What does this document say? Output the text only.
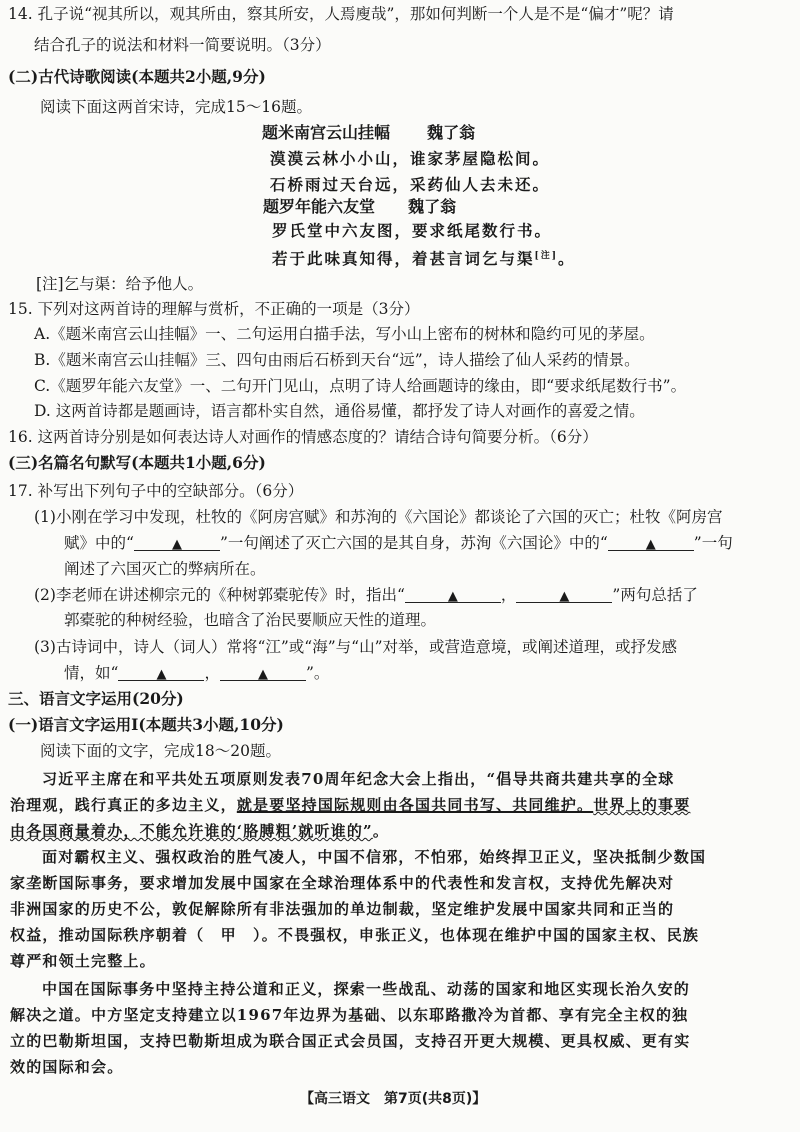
14. 孔子说“视其所以，观其所由，察其所安，人焉廋哉”，那如何判断一个人是不是“偏才”呢？请
结合孔子的说法和材料一简要说明。（3分）
(二)古代诗歌阅读(本题共2小题,9分)
阅读下面这两首宋诗，完成15～16题。
题米南宫云山挂幅 魏了翁
漠漠云林小小山，谁家茅屋隐松间。
石桥雨过天台远，采药仙人去未还。
题罗年能六友堂 魏了翁
罗氏堂中六友图，要求纸尾数行书。
若于此味真知得，着甚言词乞与渠[注]。
[注]乞与渠：给予他人。
15. 下列对这两首诗的理解与赏析，不正确的一项是（3分）
A.《题米南宫云山挂幅》一、二句运用白描手法，写小山上密布的树林和隐约可见的茅屋。
B.《题米南宫云山挂幅》三、四句由雨后石桥到天台“远”，诗人描绘了仙人采药的情景。
C.《题罗年能六友堂》一、二句开门见山，点明了诗人给画题诗的缘由，即“要求纸尾数行书”。
D. 这两首诗都是题画诗，语言都朴实自然，通俗易懂，都抒发了诗人对画作的喜爱之情。
16. 这两首诗分别是如何表达诗人对画作的情感态度的？请结合诗句简要分析。（6分）
(三)名篇名句默写(本题共1小题,6分)
17. 补写出下列句子中的空缺部分。（6分）
(1)小刚在学习中发现，杜牧的《阿房宫赋》和苏洵的《六国论》都谈论了六国的灭亡；杜牧《阿房宫
赋》中的“	▲ ”一句阐述了灭亡六国的是其自身，苏洵《六国论》中的“	▲ ”一句
阐述了六国灭亡的弊病所在。
(2)李老师在讲述柳宗元的《种树郭橐驼传》时，指出“	▲	，	▲	”两句总括了
郭橐驼的种树经验，也暗含了治民要顺应天性的道理。
(3)古诗词中，诗人（词人）常将“江”或“海”与“山”对举，或营造意境，或阐述道理，或抒发感
情，如“	▲ ，	▲ ”。
三、语言文字运用(20分)
(一)语言文字运用Ⅰ(本题共3小题,10分)
阅读下面的文字，完成18～20题。
习近平主席在和平共处五项原则发表70周年纪念大会上指出，“倡导共商共建共享的全球
治理观，践行真正的多边主义，就是要坚持国际规则由各国共同书写、共同维护。世界上的事要
由各国商量着办，不能允许谁的‘胳膊粗’就听谁的”。
面对霸权主义、强权政治的胜气凌人，中国不信邪，不怕邪，始终捍卫正义，坚决抵制少数国
家垄断国际事务，要求增加发展中国家在全球治理体系中的代表性和发言权，支持优先解决对
非洲国家的历史不公，敦促解除所有非法强加的单边制裁，坚定维护发展中国家共同和正当的
权益，推动国际秩序朝着（　甲　）。不畏强权，申张正义，也体现在维护中国的国家主权、民族
尊严和领土完整上。
中国在国际事务中坚持主持公道和正义，探索一些战乱、动荡的国家和地区实现长治久安的
解决之道。中方坚定支持建立以1967年边界为基础、以东耶路撒冷为首都、享有完全主权的独
立的巴勒斯坦国，支持巴勒斯坦成为联合国正式会员国，支持召开更大规模、更具权威、更有实
效的国际和会。
【高三语文　第7页(共8页)】
